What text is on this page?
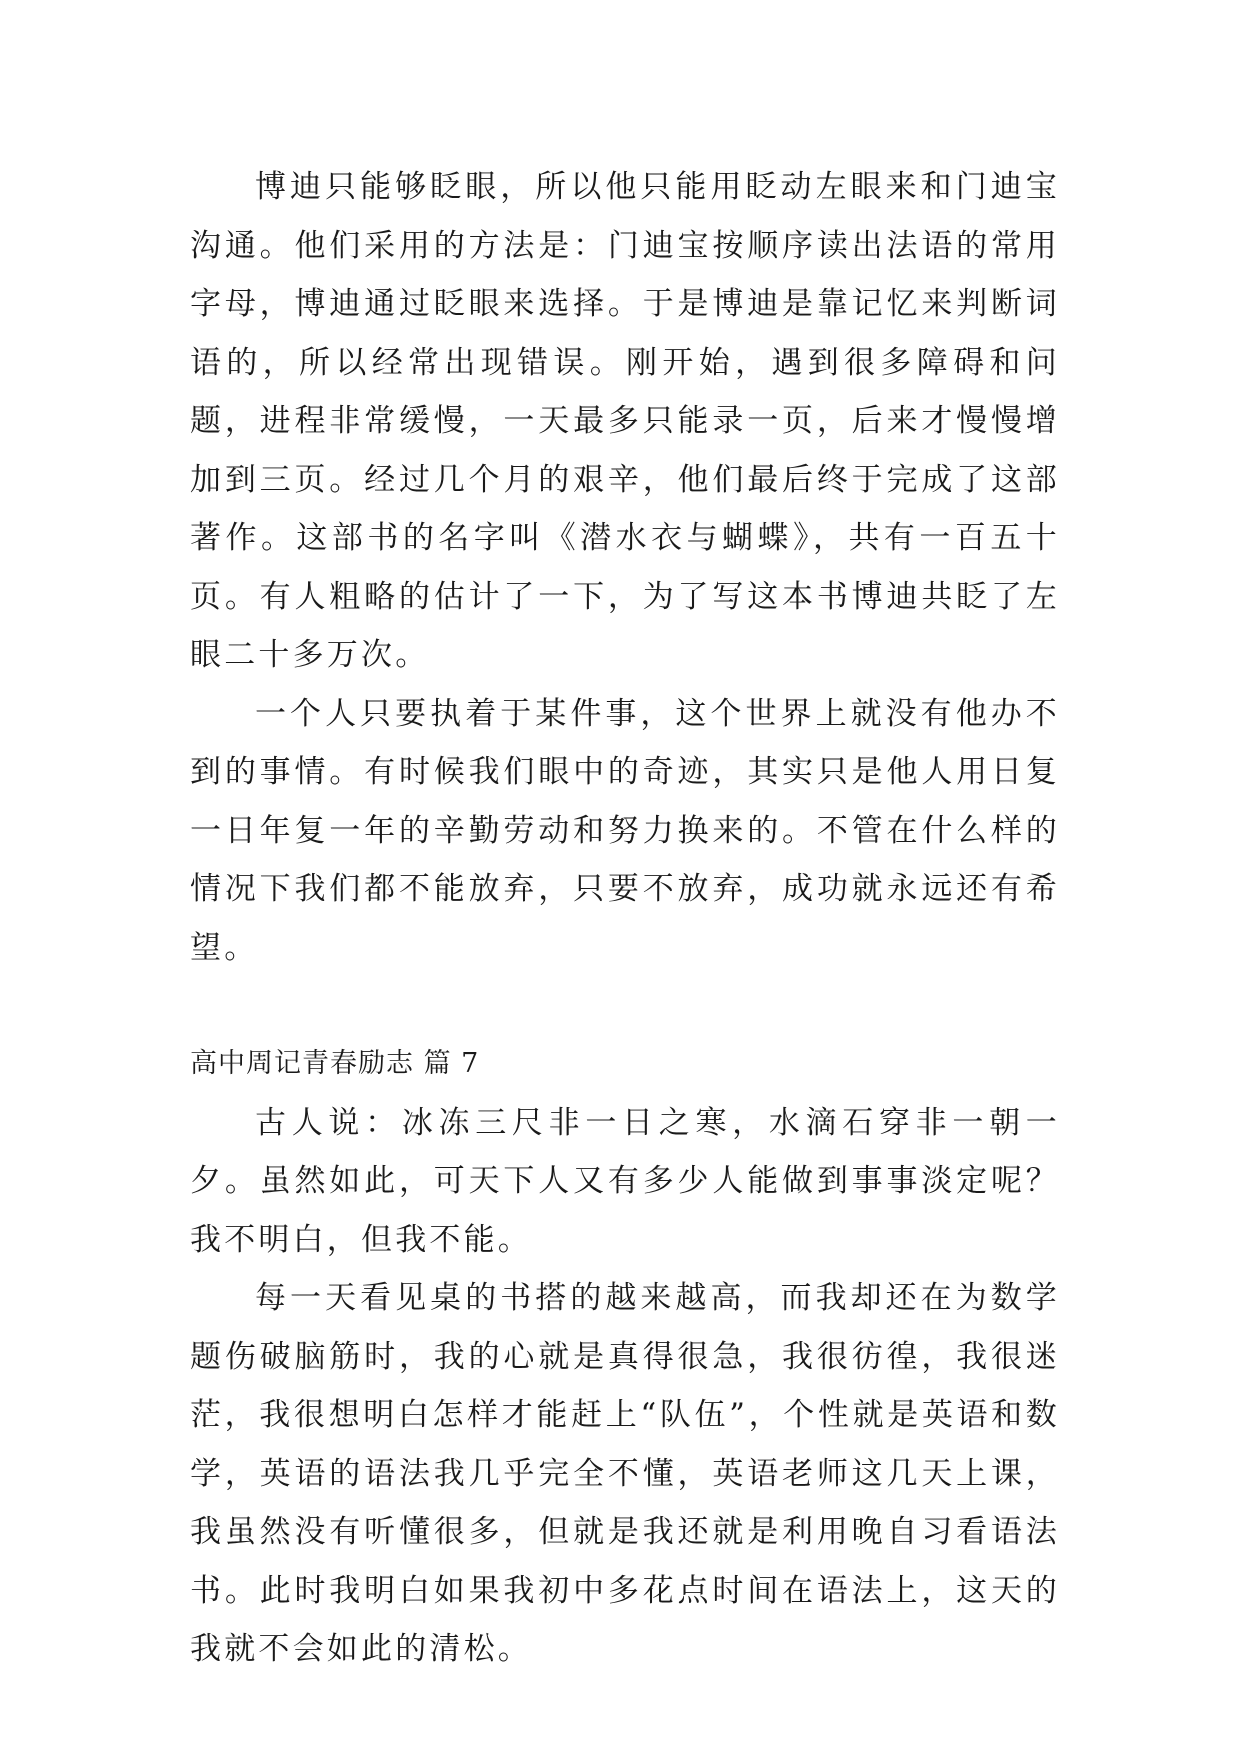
博迪只能够眨眼，所以他只能用眨动左眼来和门迪宝沟通。他们采用的方法是：门迪宝按顺序读出法语的常用字母，博迪通过眨眼来选择。于是博迪是靠记忆来判断词语的，所以经常出现错误。刚开始，遇到很多障碍和问题，进程非常缓慢，一天最多只能录一页，后来才慢慢增加到三页。经过几个月的艰辛，他们最后终于完成了这部著作。这部书的名字叫《潜水衣与蝴蝶》，共有一百五十页。有人粗略的估计了一下，为了写这本书博迪共眨了左眼二十多万次。

一个人只要执着于某件事，这个世界上就没有他办不到的事情。有时候我们眼中的奇迹，其实只是他人用日复一日年复一年的辛勤劳动和努力换来的。不管在什么样的情况下我们都不能放弃，只要不放弃，成功就永远还有希望。

高中周记青春励志 篇 7

古人说：冰冻三尺非一日之寒，水滴石穿非一朝一夕。虽然如此，可天下人又有多少人能做到事事淡定呢？我不明白，但我不能。

每一天看见桌的书搭的越来越高，而我却还在为数学题伤破脑筋时，我的心就是真得很急，我很彷徨，我很迷茫，我很想明白怎样才能赶上“队伍”，个性就是英语和数学，英语的语法我几乎完全不懂，英语老师这几天上课，我虽然没有听懂很多，但就是我还就是利用晚自习看语法书。此时我明白如果我初中多花点时间在语法上，这天的我就不会如此的清松。
